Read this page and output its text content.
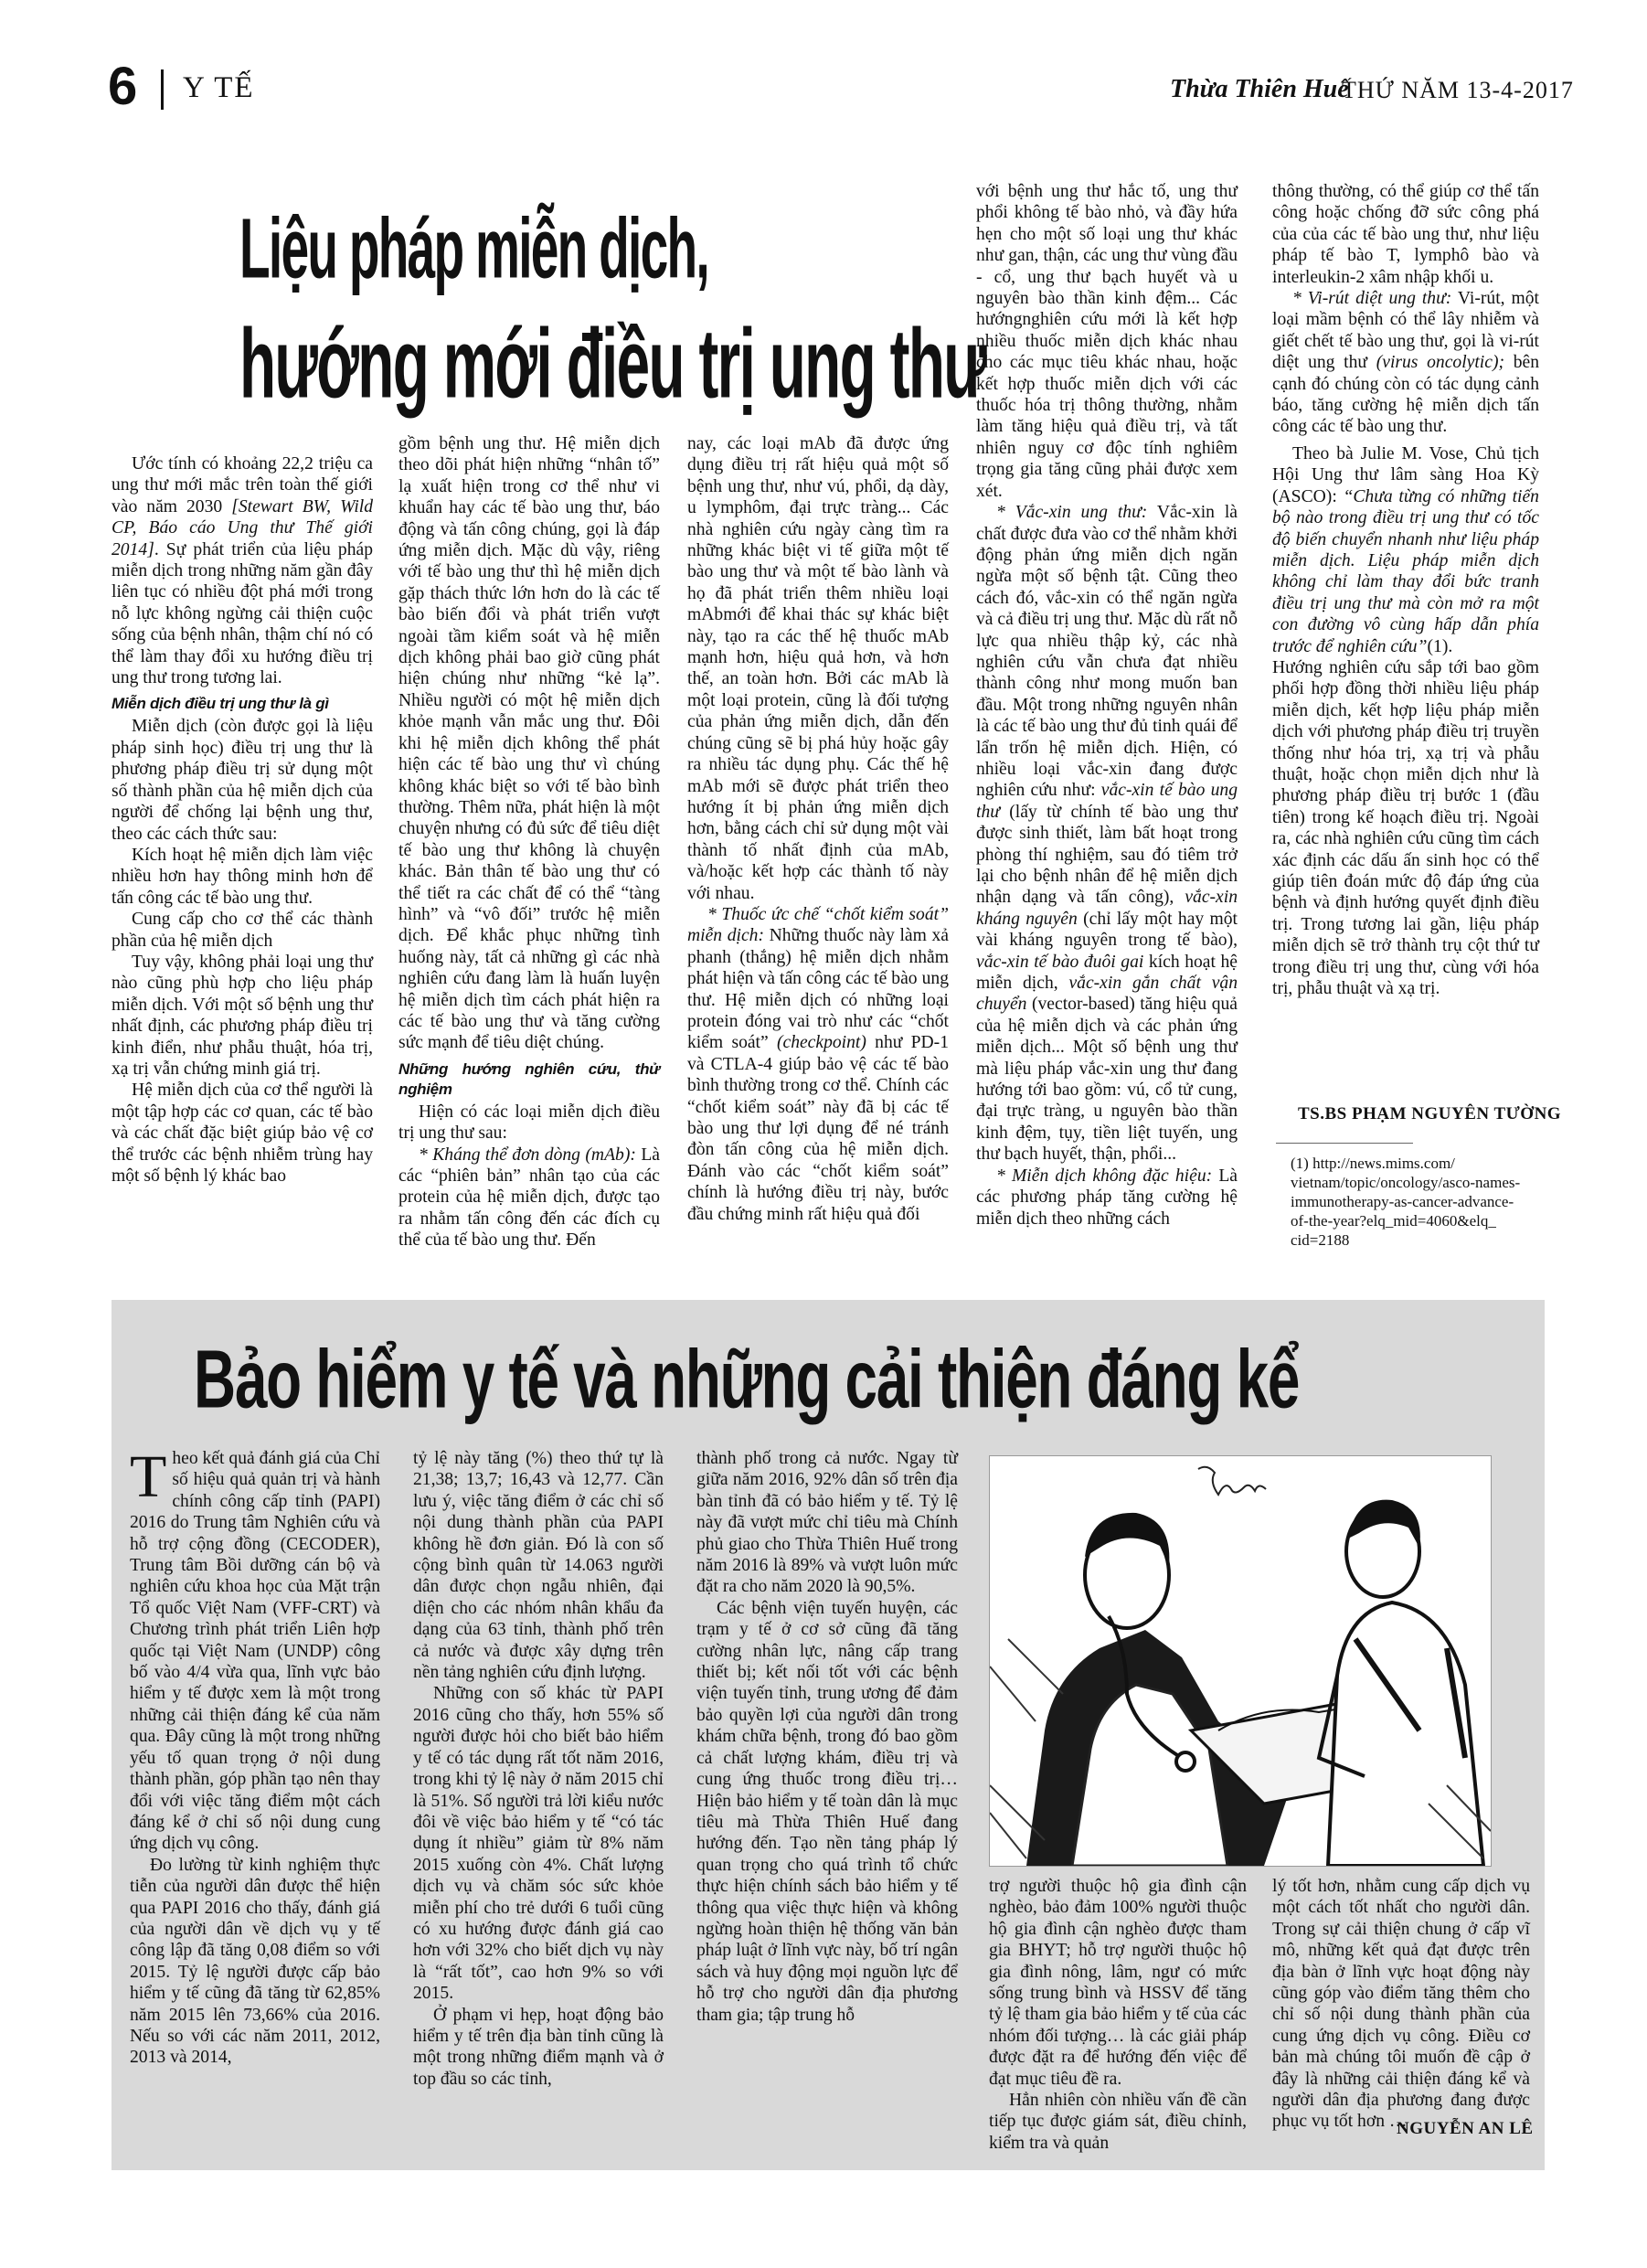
6 Y TẾ	Thừa Thiên Huế
THỨ NĂM 13-4-2017
Liệu pháp miễn dịch,
hướng mới điều trị ung thư

Ước tính có khoảng 22,2 triệu ca ung thư mới mắc trên toàn thế giới vào năm 2030 [Stewart BW, Wild CP, Báo cáo Ung thư Thế giới 2014]. Sự phát triển của liệu pháp miễn dịch trong những năm gần đây liên tục có nhiều đột phá mới trong nỗ lực không ngừng cải thiện cuộc sống của bệnh nhân, thậm chí nó có thể làm thay đổi xu hướng điều trị ung thư trong tương lai.

Miễn dịch điều trị ung thư là gì

Miễn dịch (còn được gọi là liệu pháp sinh học) điều trị ung thư là phương pháp điều trị sử dụng một số thành phần của hệ miễn dịch của người để chống lại bệnh ung thư, theo các cách thức sau:

Kích hoạt hệ miễn dịch làm việc nhiều hơn hay thông minh hơn để tấn công các tế bào ung thư.

Cung cấp cho cơ thể các thành phần của hệ miễn dịch

Tuy vậy, không phải loại ung thư nào cũng phù hợp cho liệu pháp miễn dịch. Với một số bệnh ung thư nhất định, các phương pháp điều trị kinh điển, như phẫu thuật, hóa trị, xạ trị vẫn chứng minh giá trị.

Hệ miễn dịch của cơ thể người là một tập hợp các cơ quan, các tế bào và các chất đặc biệt giúp bảo vệ cơ thể trước các bệnh nhiễm trùng hay một số bệnh lý khác bao

gồm bệnh ung thư. Hệ miễn dịch theo dõi phát hiện những “nhân tố” lạ xuất hiện trong cơ thể như vi khuẩn hay các tế bào ung thư, báo động và tấn công chúng, gọi là đáp ứng miễn dịch. Mặc dù vậy, riêng với tế bào ung thư thì hệ miễn dịch gặp thách thức lớn hơn do là các tế bào biến đổi và phát triển vượt ngoài tầm kiểm soát và hệ miễn dịch không phải bao giờ cũng phát hiện chúng như những “kẻ lạ”. Nhiều người có một hệ miễn dịch khỏe mạnh vẫn mắc ung thư. Đôi khi hệ miễn dịch không thể phát hiện các tế bào ung thư vì chúng không khác biệt so với tế bào bình thường. Thêm nữa, phát hiện là một chuyện nhưng có đủ sức để tiêu diệt tế bào ung thư không là chuyện khác. Bản thân tế bào ung thư có thể tiết ra các chất để có thể “tàng hình” và “vô đối” trước hệ miễn dịch. Để khắc phục những tình huống này, tất cả những gì các nhà nghiên cứu đang làm là huấn luyện hệ miễn dịch tìm cách phát hiện ra các tế bào ung thư và tăng cường sức mạnh để tiêu diệt chúng.

Những hướng nghiên cứu, thử nghiệm

Hiện có các loại miễn dịch điều trị ung thư sau:

* Kháng thể đơn dòng (mAb): Là các “phiên bản” nhân tạo của các protein của hệ miễn dịch, được tạo ra nhằm tấn công đến các đích cụ thể của tế bào ung thư. Đến

nay, các loại mAb đã được ứng dụng điều trị rất hiệu quả một số bệnh ung thư, như vú, phổi, dạ dày, u lymphôm, đại trực tràng... Các nhà nghiên cứu ngày càng tìm ra những khác biệt vi tế giữa một tế bào ung thư và một tế bào lành và họ đã phát triển thêm nhiều loại mAbmới để khai thác sự khác biệt này, tạo ra các thế hệ thuốc mAb mạnh hơn, hiệu quả hơn, và hơn thế, an toàn hơn. Bởi các mAb là một loại protein, cũng là đối tượng của phản ứng miễn dịch, dẫn đến chúng cũng sẽ bị phá hủy hoặc gây ra nhiều tác dụng phụ. Các thế hệ mAb mới sẽ được phát triển theo hướng ít bị phản ứng miễn dịch hơn, bằng cách chỉ sử dụng một vài thành tố nhất định của mAb, và/hoặc kết hợp các thành tố này với nhau.

* Thuốc ức chế “chốt kiểm soát” miễn dịch: Những thuốc này làm xả phanh (thắng) hệ miễn dịch nhằm phát hiện và tấn công các tế bào ung thư. Hệ miễn dịch có những loại protein đóng vai trò như các “chốt kiểm soát” (checkpoint) như PD-1 và CTLA-4 giúp bảo vệ các tế bào bình thường trong cơ thể. Chính các “chốt kiểm soát” này đã bị các tế bào ung thư lợi dụng để né tránh đòn tấn công của hệ miễn dịch. Đánh vào các “chốt kiểm soát” chính là hướng điều trị này, bước đầu chứng minh rất hiệu quả đối

với bệnh ung thư hắc tố, ung thư phổi không tế bào nhỏ, và đầy hứa hẹn cho một số loại ung thư khác như gan, thận, các ung thư vùng đầu - cổ, ung thư bạch huyết và u nguyên bào thần kinh đệm... Các hướngnghiên cứu mới là kết hợp nhiều thuốc miễn dịch khác nhau cho các mục tiêu khác nhau, hoặc kết hợp thuốc miễn dịch với các thuốc hóa trị thông thường, nhằm làm tăng hiệu quả điều trị, và tất nhiên nguy cơ độc tính nghiêm trọng gia tăng cũng phải được xem xét.

* Vắc-xin ung thư: Vắc-xin là chất được đưa vào cơ thể nhằm khởi động phản ứng miễn dịch ngăn ngừa một số bệnh tật. Cũng theo cách đó, vắc-xin có thể ngăn ngừa và cả điều trị ung thư. Mặc dù rất nỗ lực qua nhiều thập kỷ, các nhà nghiên cứu vẫn chưa đạt nhiều thành công như mong muốn ban đầu. Một trong những nguyên nhân là các tế bào ung thư đủ tinh quái để lẩn trốn hệ miễn dịch. Hiện, có nhiều loại vắc-xin đang được nghiên cứu như: vắc-xin tế bào ung thư (lấy từ chính tế bào ung thư được sinh thiết, làm bất hoạt trong phòng thí nghiệm, sau đó tiêm trở lại cho bệnh nhân để hệ miễn dịch nhận dạng và tấn công), vắc-xin kháng nguyên (chỉ lấy một hay một vài kháng nguyên trong tế bào), vắc-xin tế bào đuôi gai kích hoạt hệ miễn dịch, vắc-xin gắn chất vận chuyển (vector-based) tăng hiệu quả của hệ miễn dịch và các phản ứng miễn dịch... Một số bệnh ung thư mà liệu pháp vắc-xin ung thư đang hướng tới bao gồm: vú, cổ tử cung, đại trực tràng, u nguyên bào thần kinh đệm, tụy, tiền liệt tuyến, ung thư bạch huyết, thận, phổi...

* Miễn dịch không đặc hiệu: Là các phương pháp tăng cường hệ miễn dịch theo những cách

thông thường, có thể giúp cơ thể tấn công hoặc chống đỡ sức công phá của của các tế bào ung thư, như liệu pháp tế bào T, lymphô bào và interleukin-2 xâm nhập khối u.

* Vi-rút diệt ung thư: Vi-rút, một loại mầm bệnh có thể lây nhiễm và giết chết tế bào ung thư, gọi là vi-rút diệt ung thư (virus oncolytic); bên cạnh đó chúng còn có tác dụng cảnh báo, tăng cường hệ miễn dịch tấn công các tế bào ung thư.

Theo bà Julie M. Vose, Chủ tịch Hội Ung thư lâm sàng Hoa Kỳ (ASCO): “Chưa từng có những tiến bộ nào trong điều trị ung thư có tốc độ biến chuyển nhanh như liệu pháp miễn dịch. Liệu pháp miễn dịch không chỉ làm thay đổi bức tranh điều trị ung thư mà còn mở ra một con đường vô cùng hấp dẫn phía trước để nghiên cứu”(1).

Hướng nghiên cứu sắp tới bao gồm phối hợp đồng thời nhiều liệu pháp miễn dịch, kết hợp liệu pháp miễn dịch với phương pháp điều trị truyền thống như hóa trị, xạ trị và phẫu thuật, hoặc chọn miễn dịch như là phương pháp điều trị bước 1 (đầu tiên) trong kế hoạch điều trị. Ngoài ra, các nhà nghiên cứu cũng tìm cách xác định các dấu ấn sinh học có thể giúp tiên đoán mức độ đáp ứng của bệnh và định hướng quyết định điều trị. Trong tương lai gần, liệu pháp miễn dịch sẽ trở thành trụ cột thứ tư trong điều trị ung thư, cùng với hóa trị, phẫu thuật và xạ trị.

TS.BS PHẠM NGUYÊN TƯỜNG
(1) http://news.mims.com/ vietnam/topic/oncology/asco-names-immunotherapy-as-cancer-advance-of-the-year?elq_mid=4060&elq_ cid=2188
Bảo hiểm y tế và những cải thiện đáng kể

Theo kết quả đánh giá của Chỉ số hiệu quả quản trị và hành chính công cấp tỉnh (PAPI) 2016 do Trung tâm Nghiên cứu và hỗ trợ cộng đồng (CECODER), Trung tâm Bồi dưỡng cán bộ và nghiên cứu khoa học của Mặt trận Tổ quốc Việt Nam (VFF-CRT) và Chương trình phát triển Liên hợp quốc tại Việt Nam (UNDP) công bố vào 4/4 vừa qua, lĩnh vực bảo hiểm y tế được xem là một trong những cải thiện đáng kể của năm qua. Đây cũng là một trong những yếu tố quan trọng ở nội dung thành phần, góp phần tạo nên thay đổi với việc tăng điểm một cách đáng kể ở chỉ số nội dung cung ứng dịch vụ công.

Đo lường từ kinh nghiệm thực tiễn của người dân được thể hiện qua PAPI 2016 cho thấy, đánh giá của người dân về dịch vụ y tế công lập đã tăng 0,08 điểm so với 2015. Tỷ lệ người được cấp bảo hiểm y tế cũng đã tăng từ 62,85% năm 2015 lên 73,66% của 2016. Nếu so với các năm 2011, 2012, 2013 và 2014,

tỷ lệ này tăng (%) theo thứ tự là 21,38; 13,7; 16,43 và 12,77. Cần lưu ý, việc tăng điểm ở các chỉ số nội dung thành phần của PAPI không hề đơn giản. Đó là con số cộng bình quân từ 14.063 người dân được chọn ngẫu nhiên, đại diện cho các nhóm nhân khẩu đa dạng của 63 tỉnh, thành phố trên cả nước và được xây dựng trên nền tảng nghiên cứu định lượng.

Những con số khác từ PAPI 2016 cũng cho thấy, hơn 55% số người được hỏi cho biết bảo hiểm y tế có tác dụng rất tốt năm 2016, trong khi tỷ lệ này ở năm 2015 chỉ là 51%. Số người trả lời kiểu nước đôi về việc bảo hiểm y tế “có tác dụng ít nhiều” giảm từ 8% năm 2015 xuống còn 4%. Chất lượng dịch vụ và chăm sóc sức khỏe miễn phí cho trẻ dưới 6 tuổi cũng có xu hướng được đánh giá cao hơn với 32% cho biết dịch vụ này là “rất tốt”, cao hơn 9% so với 2015.

Ở phạm vi hẹp, hoạt động bảo hiểm y tế trên địa bàn tỉnh cũng là một trong những điểm mạnh và ở top đầu so các tỉnh,

thành phố trong cả nước. Ngay từ giữa năm 2016, 92% dân số trên địa bàn tỉnh đã có bảo hiểm y tế. Tỷ lệ này đã vượt mức chỉ tiêu mà Chính phủ giao cho Thừa Thiên Huế trong năm 2016 là 89% và vượt luôn mức đặt ra cho năm 2020 là 90,5%.

Các bệnh viện tuyến huyện, các trạm y tế ở cơ sở cũng đã tăng cường nhân lực, nâng cấp trang thiết bị; kết nối tốt với các bệnh viện tuyến tỉnh, trung ương để đảm bảo quyền lợi của người dân trong khám chữa bệnh, trong đó bao gồm cả chất lượng khám, điều trị và cung ứng thuốc trong điều trị… Hiện bảo hiểm y tế toàn dân là mục tiêu mà Thừa Thiên Huế đang hướng đến. Tạo nền tảng pháp lý quan trọng cho quá trình tổ chức thực hiện chính sách bảo hiểm y tế thông qua việc thực hiện và không ngừng hoàn thiện hệ thống văn bản pháp luật ở lĩnh vực này, bố trí ngân sách và huy động mọi nguồn lực để hỗ trợ cho người dân địa phương tham gia; tập trung hỗ

trợ người thuộc hộ gia đình cận nghèo, bảo đảm 100% người thuộc hộ gia đình cận nghèo được tham gia BHYT; hỗ trợ người thuộc hộ gia đình nông, lâm, ngư có mức sống trung bình và HSSV để tăng tỷ lệ tham gia bảo hiểm y tế của các nhóm đối tượng… là các giải pháp được đặt ra để hướng đến việc để đạt mục tiêu đề ra.

Hẳn nhiên còn nhiều vấn đề cần tiếp tục được giám sát, điều chỉnh, kiểm tra và quản

lý tốt hơn, nhằm cung cấp dịch vụ một cách tốt nhất cho người dân. Trong sự cải thiện chung ở cấp vĩ mô, những kết quả đạt được trên địa bàn ở lĩnh vực hoạt động này cũng góp vào điểm tăng thêm cho chỉ số nội dung thành phần của cung ứng dịch vụ công. Điều cơ bản mà chúng tôi muốn đề cập ở đây là những cải thiện đáng kể và người dân địa phương đang được phục vụ tốt hơn …

NGUYỄN AN LÊ
